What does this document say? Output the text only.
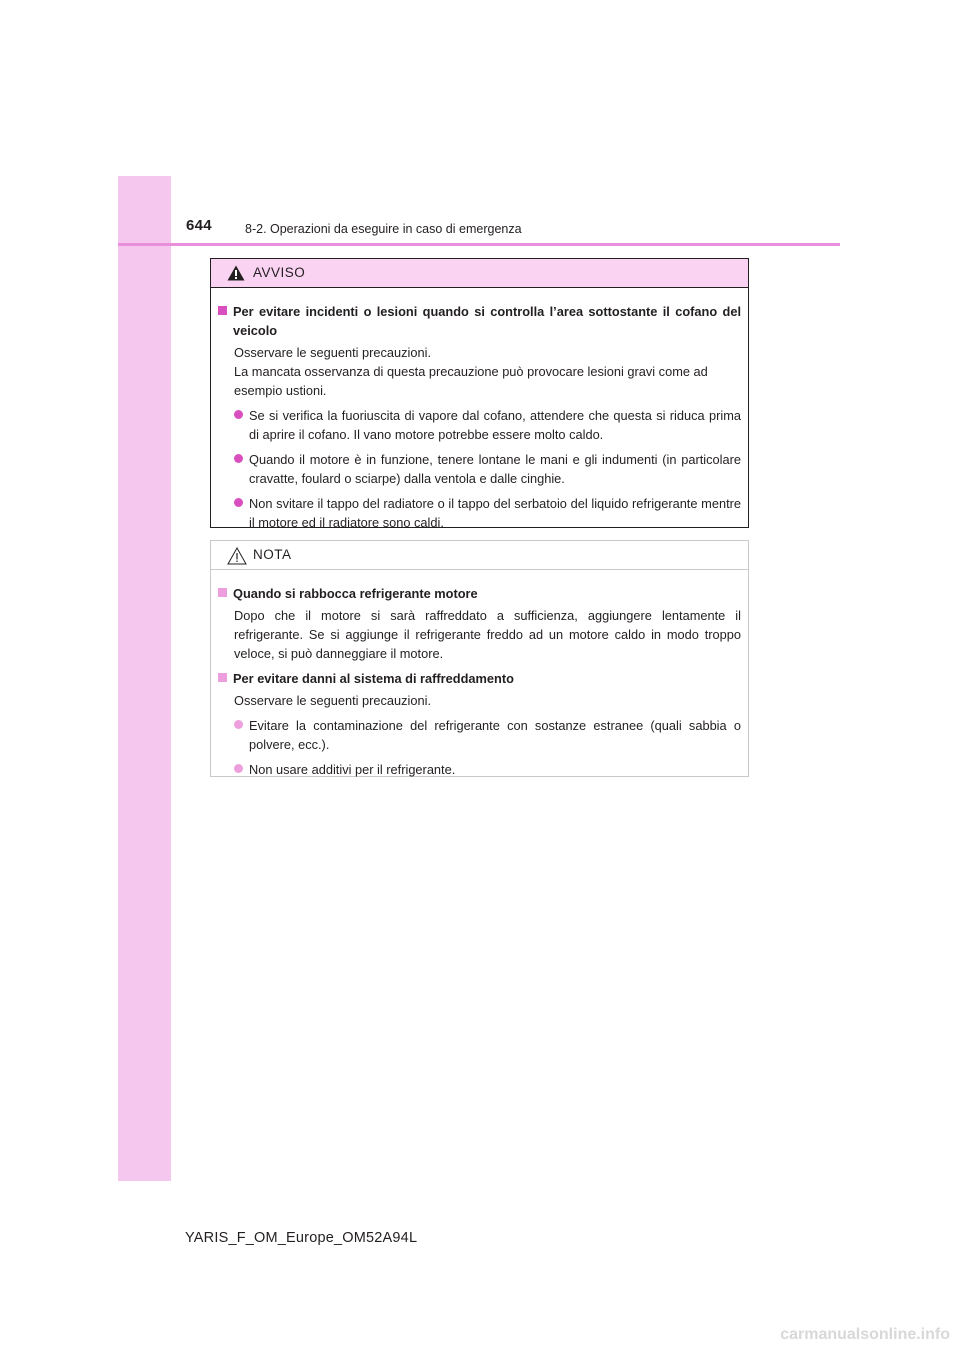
644	8-2. Operazioni da eseguire in caso di emergenza
AVVISO
Per evitare incidenti o lesioni quando si controlla l’area sottostante il cofano del veicolo
Osservare le seguenti precauzioni.
La mancata osservanza di questa precauzione può provocare lesioni gravi come ad esempio ustioni.
Se si verifica la fuoriuscita di vapore dal cofano, attendere che questa si riduca prima di aprire il cofano. Il vano motore potrebbe essere molto caldo.
Quando il motore è in funzione, tenere lontane le mani e gli indumenti (in particolare cravatte, foulard o sciarpe) dalla ventola e dalle cinghie.
Non svitare il tappo del radiatore o il tappo del serbatoio del liquido refrigerante mentre il motore ed il radiatore sono caldi.
NOTA
Quando si rabbocca refrigerante motore
Dopo che il motore si sarà raffreddato a sufficienza, aggiungere lentamente il refrigerante. Se si aggiunge il refrigerante freddo ad un motore caldo in modo troppo veloce, si può danneggiare il motore.
Per evitare danni al sistema di raffreddamento
Osservare le seguenti precauzioni.
Evitare la contaminazione del refrigerante con sostanze estranee (quali sabbia o polvere, ecc.).
Non usare additivi per il refrigerante.
YARIS_F_OM_Europe_OM52A94L
carmanualsonline.info
